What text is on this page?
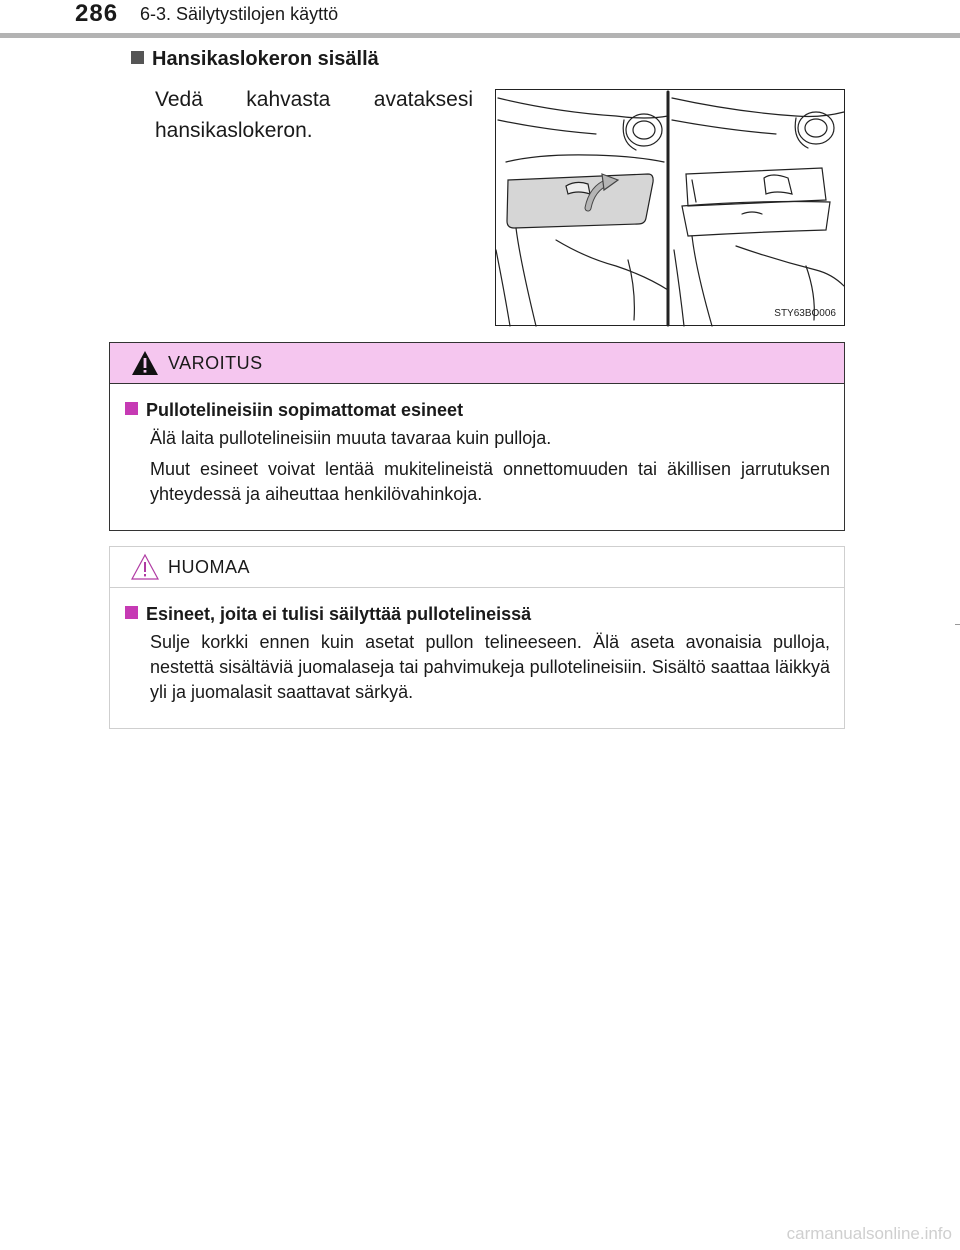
286 6-3. Säilytystilojen käyttö
Hansikaslokeron sisällä
Vedä kahvasta avataksesi hansikaslokeron.
STY63BO006
VAROITUS
Pullotelineisiin sopimattomat esineet
Älä laita pullotelineisiin muuta tavaraa kuin pulloja.
Muut esineet voivat lentää mukitelineistä onnettomuuden tai äkillisen jarrutuksen yhteydessä ja aiheuttaa henkilövahinkoja.
HUOMAA
Esineet, joita ei tulisi säilyttää pullotelineissä
Sulje korkki ennen kuin asetat pullon telineeseen. Älä aseta avonaisia pulloja, nestettä sisältäviä juomalaseja tai pahvimukeja pullotelineisiin. Sisältö saattaa läikkyä yli ja juomalasit saattavat särkyä.
carmanualsonline.info
